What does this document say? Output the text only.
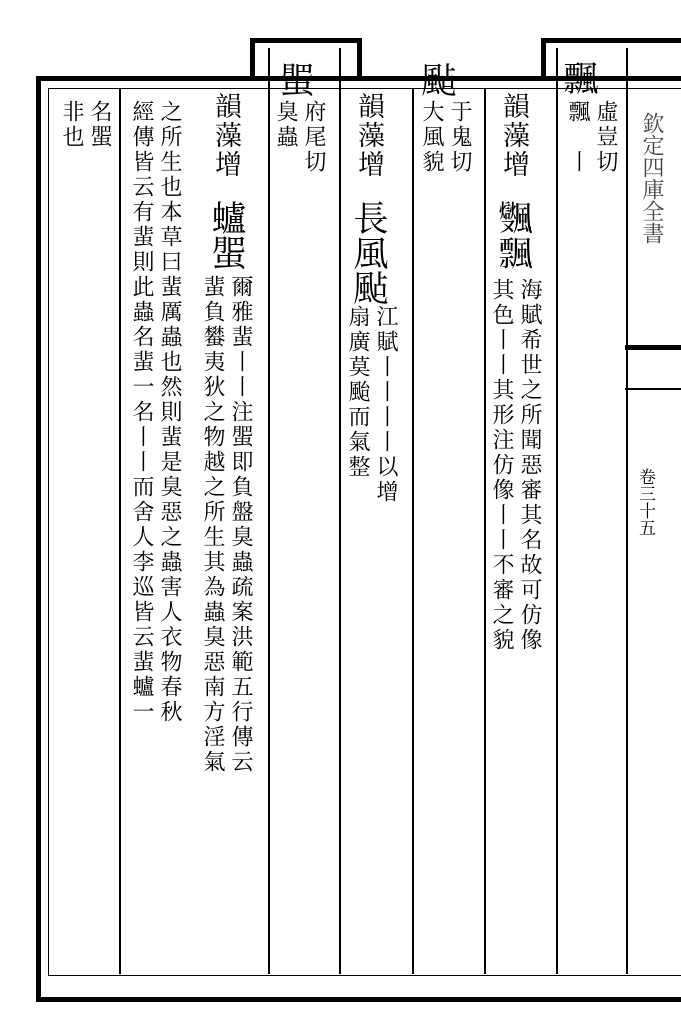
飄
虛豈切
飄
丨
韻藻增
𩙜飄
海賦希世之所聞惡審其名故可仿像
其色丨丨其形注仿像丨丨不審之貌
颭
于鬼切
大風貌
韻藻增
長風颭
江賦丨丨丨丨以增
扇廣莫颱而氣整
蜰
府尾切
臭蟲
韻藻增
蠦蜰
爾雅蜚丨丨注蜰即負盤臭蟲疏案洪範五行傳云
蜚負蠜夷狄之物越之所生其為蟲臭惡南方淫氣
之所生也本草曰蜚厲蟲也然則蜚是臭惡之蟲害人衣物春秋
經傳皆云有蜚則此蟲名蜚一名丨丨而舍人李巡皆云蜚蠦一
名蜰
非也	欽定四庫全書
卷三十五
